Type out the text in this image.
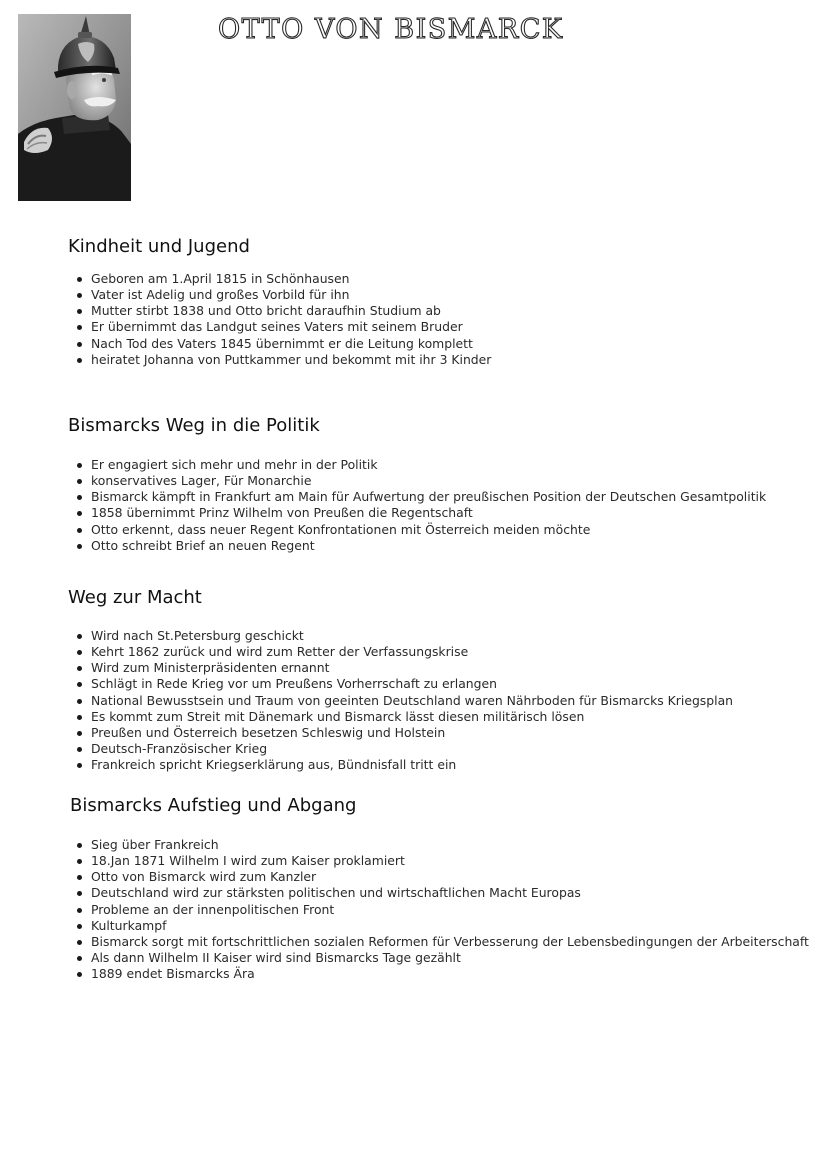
OTTO VON BISMARCK
Kindheit und Jugend
Geboren am 1.April 1815 in Schönhausen
Vater ist Adelig und großes Vorbild für ihn
Mutter stirbt 1838 und Otto bricht daraufhin Studium ab
Er übernimmt das Landgut seines Vaters mit seinem Bruder
Nach Tod des Vaters 1845 übernimmt er die Leitung komplett
heiratet Johanna von Puttkammer und bekommt mit ihr 3 Kinder
Bismarcks Weg in die Politik
Er engagiert sich mehr und mehr in der Politik
konservatives Lager, Für Monarchie
Bismarck kämpft in Frankfurt am Main für Aufwertung der preußischen Position der Deutschen Gesamtpolitik
1858 übernimmt Prinz Wilhelm von Preußen die Regentschaft
Otto erkennt, dass neuer Regent Konfrontationen mit Österreich meiden möchte
Otto schreibt Brief an neuen Regent
Weg zur Macht
Wird nach St.Petersburg geschickt
Kehrt 1862 zurück und wird zum Retter der Verfassungskrise
Wird zum Ministerpräsidenten ernannt
Schlägt in Rede Krieg vor um Preußens Vorherrschaft zu erlangen
National Bewusstsein und Traum von geeinten Deutschland waren Nährboden für Bismarcks Kriegsplan
Es kommt zum Streit mit Dänemark und Bismarck lässt diesen militärisch lösen
Preußen und Österreich besetzen Schleswig und Holstein
Deutsch-Französischer Krieg
Frankreich spricht Kriegserklärung aus, Bündnisfall tritt ein
Bismarcks Aufstieg und Abgang
Sieg über Frankreich
18.Jan 1871 Wilhelm I wird zum Kaiser proklamiert
Otto von Bismarck wird zum Kanzler
Deutschland wird zur stärksten politischen und wirtschaftlichen Macht Europas
Probleme an der innenpolitischen Front
Kulturkampf
Bismarck sorgt mit fortschrittlichen sozialen Reformen für Verbesserung der Lebensbedingungen der Arbeiterschaft
Als dann Wilhelm II Kaiser wird sind Bismarcks Tage gezählt
1889 endet Bismarcks Ära
